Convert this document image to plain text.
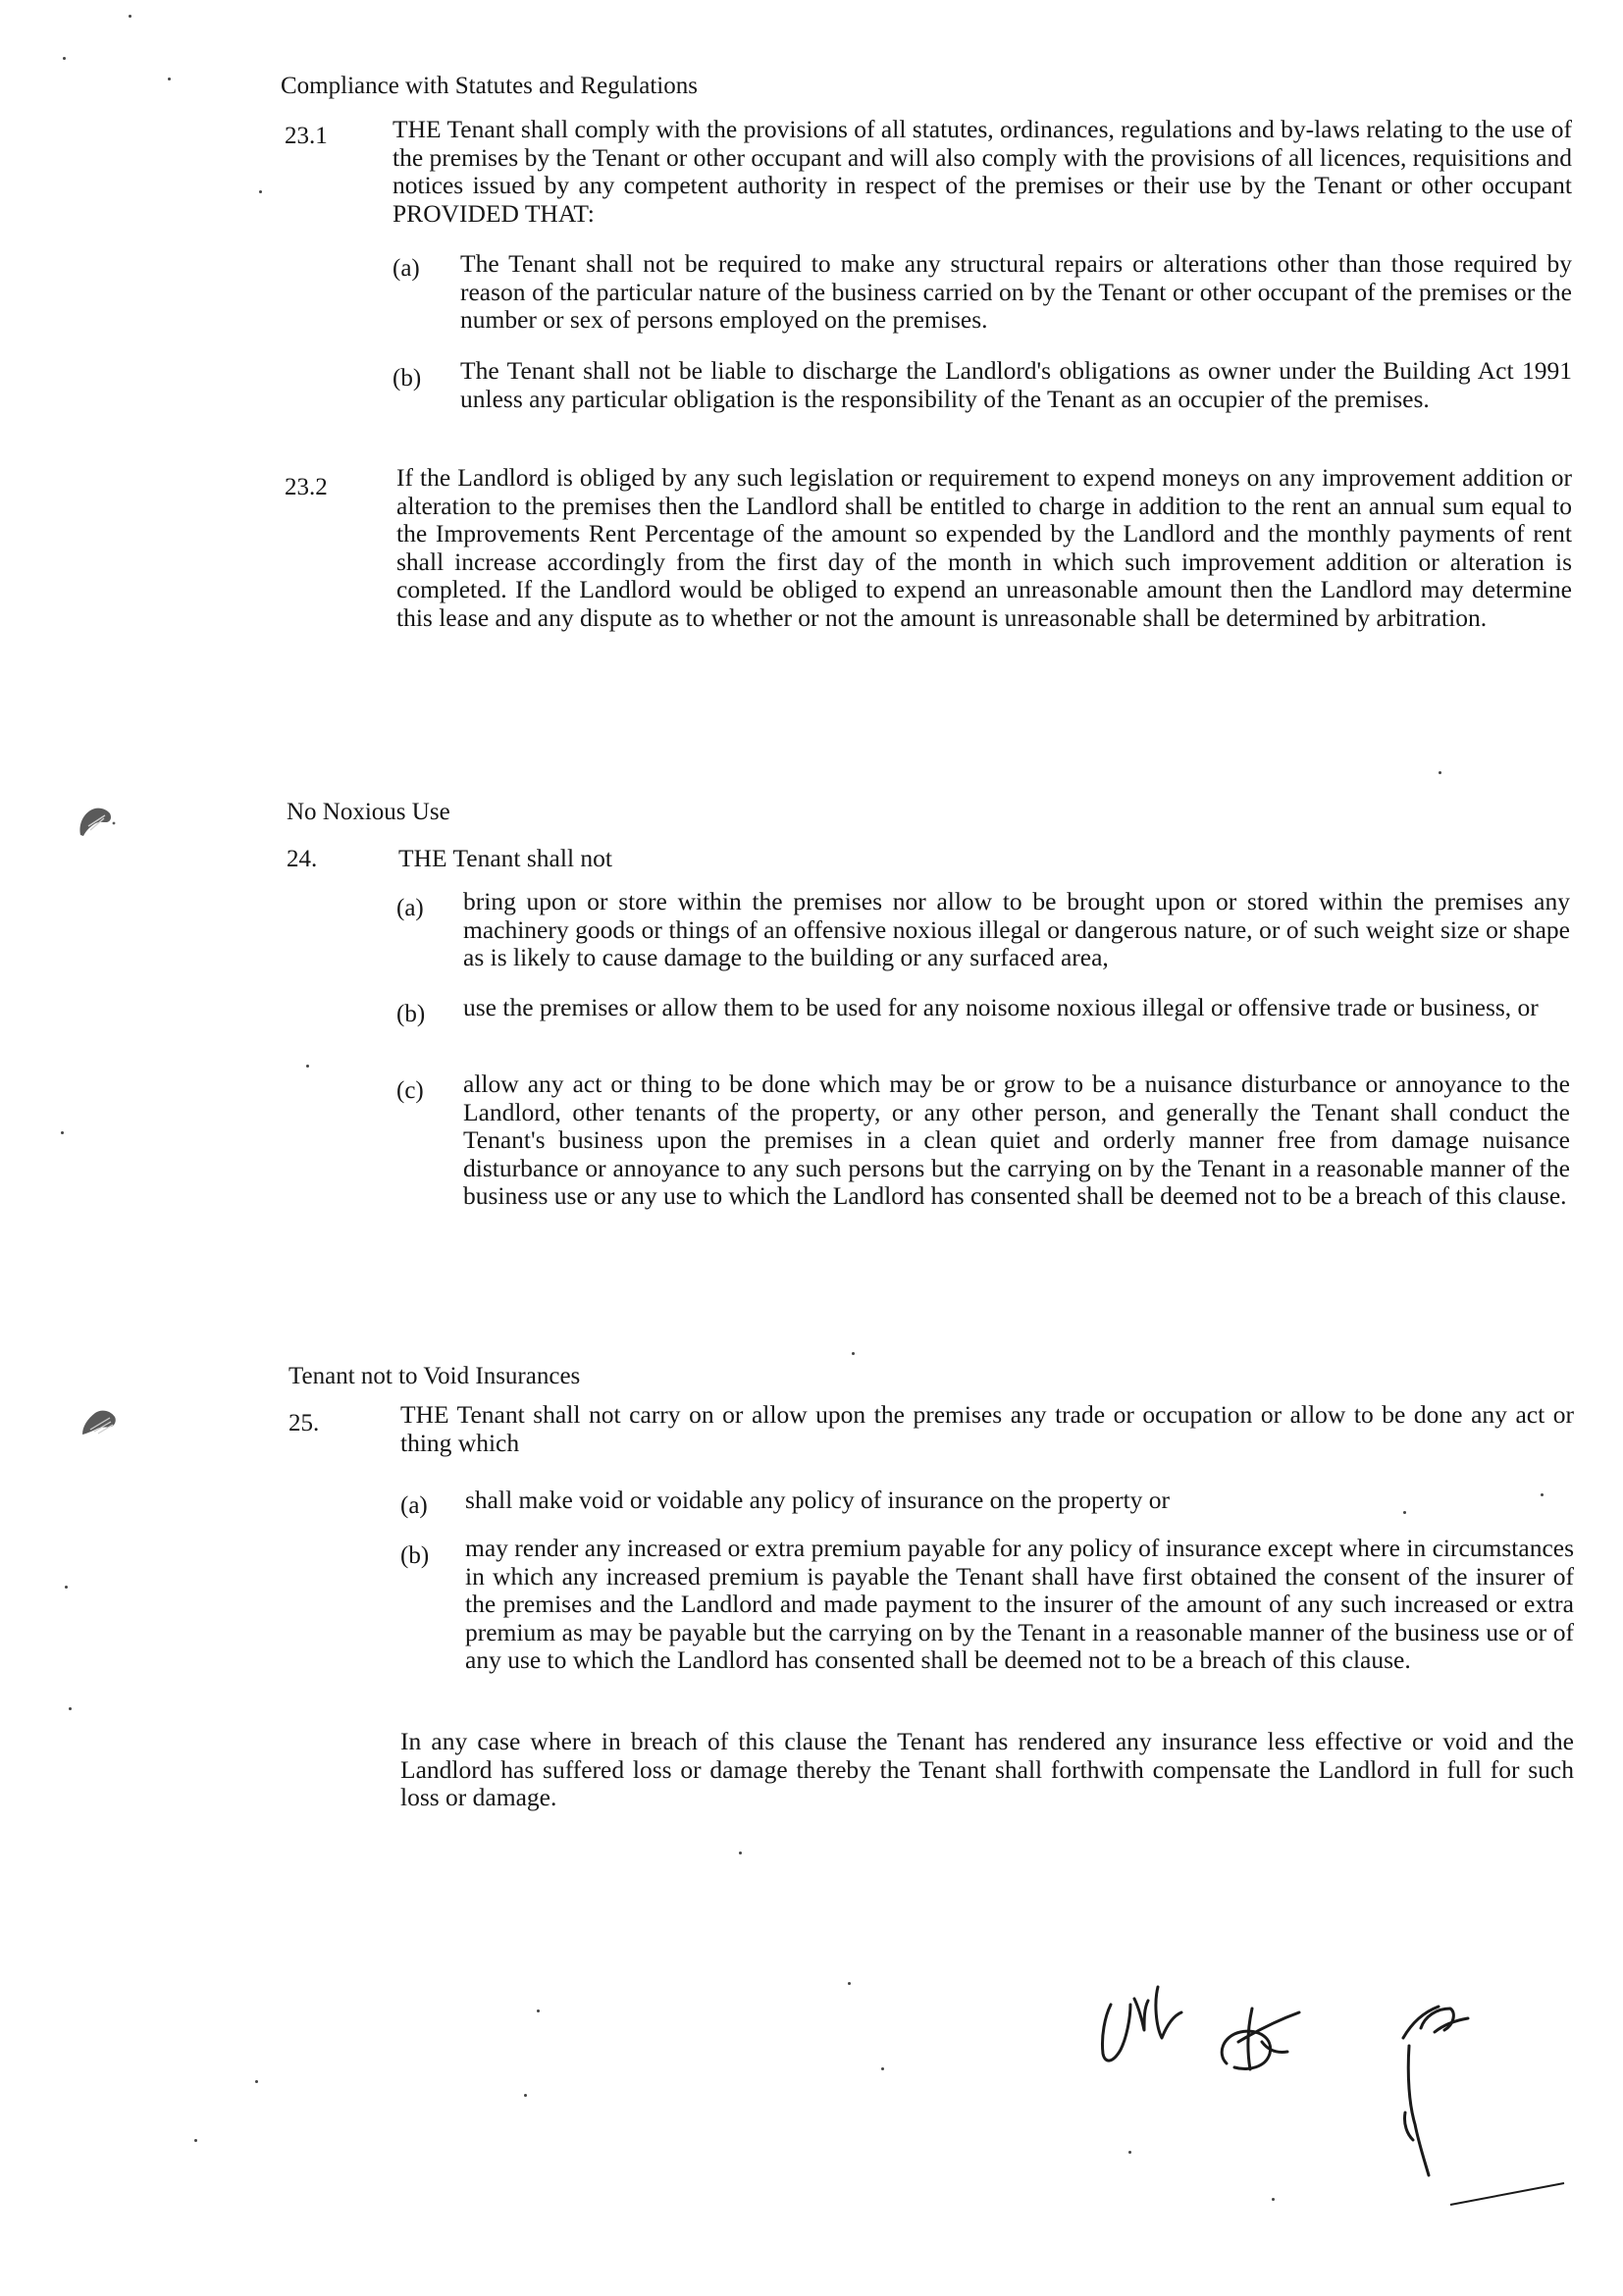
Compliance with Statutes and Regulations
23.1	THE Tenant shall comply with the provisions of all statutes, ordinances, regulations and by-laws relating to the use of the premises by the Tenant or other occupant and will also comply with the provisions of all licences, requisitions and notices issued by any competent authority in respect of the premises or their use by the Tenant or other occupant PROVIDED THAT:
(a) The Tenant shall not be required to make any structural repairs or alterations other than those required by reason of the particular nature of the business carried on by the Tenant or other occupant of the premises or the number or sex of persons employed on the premises.
(b) The Tenant shall not be liable to discharge the Landlord's obligations as owner under the Building Act 1991 unless any particular obligation is the responsibility of the Tenant as an occupier of the premises.
23.2	If the Landlord is obliged by any such legislation or requirement to expend moneys on any improvement addition or alteration to the premises then the Landlord shall be entitled to charge in addition to the rent an annual sum equal to the Improvements Rent Percentage of the amount so expended by the Landlord and the monthly payments of rent shall increase accordingly from the first day of the month in which such improvement addition or alteration is completed. If the Landlord would be obliged to expend an unreasonable amount then the Landlord may determine this lease and any dispute as to whether or not the amount is unreasonable shall be determined by arbitration.
No Noxious Use
24.	THE Tenant shall not
(a) bring upon or store within the premises nor allow to be brought upon or stored within the premises any machinery goods or things of an offensive noxious illegal or dangerous nature, or of such weight size or shape as is likely to cause damage to the building or any surfaced area,
(b) use the premises or allow them to be used for any noisome noxious illegal or offensive trade or business, or
(c) allow any act or thing to be done which may be or grow to be a nuisance disturbance or annoyance to the Landlord, other tenants of the property, or any other person, and generally the Tenant shall conduct the Tenant's business upon the premises in a clean quiet and orderly manner free from damage nuisance disturbance or annoyance to any such persons but the carrying on by the Tenant in a reasonable manner of the business use or any use to which the Landlord has consented shall be deemed not to be a breach of this clause.
Tenant not to Void Insurances
25.	THE Tenant shall not carry on or allow upon the premises any trade or occupation or allow to be done any act or thing which
(a) shall make void or voidable any policy of insurance on the property or
(b) may render any increased or extra premium payable for any policy of insurance except where in circumstances in which any increased premium is payable the Tenant shall have first obtained the consent of the insurer of the premises and the Landlord and made payment to the insurer of the amount of any such increased or extra premium as may be payable but the carrying on by the Tenant in a reasonable manner of the business use or of any use to which the Landlord has consented shall be deemed not to be a breach of this clause.
In any case where in breach of this clause the Tenant has rendered any insurance less effective or void and the Landlord has suffered loss or damage thereby the Tenant shall forthwith compensate the Landlord in full for such loss or damage.
